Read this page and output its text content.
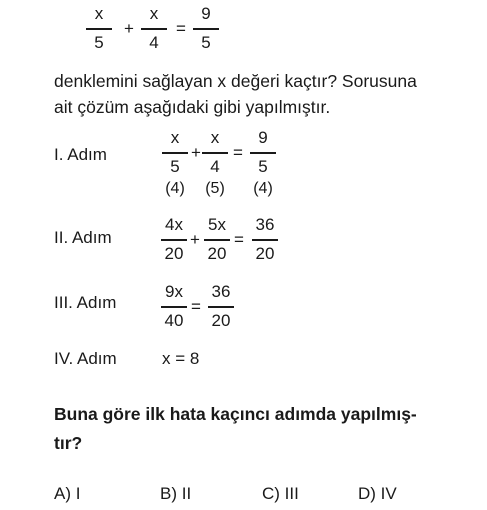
x
5
+
x
4
=
9
5
denklemini sağlayan x değeri kaçtır? Sorusuna
ait çözüm aşağıdaki gibi yapılmıştır.
I. Adım
x
5
+
x
4
=
9
5
(4) (5) (4)
II. Adım
4x
20
+
5x
20
=
36
20
III. Adım
9x
40
=
36
20
IV. Adım	x = 8
Buna göre ilk hata kaçıncı adımda yapılmış-
tır?
A) I	B) II	C) III	D) IV
